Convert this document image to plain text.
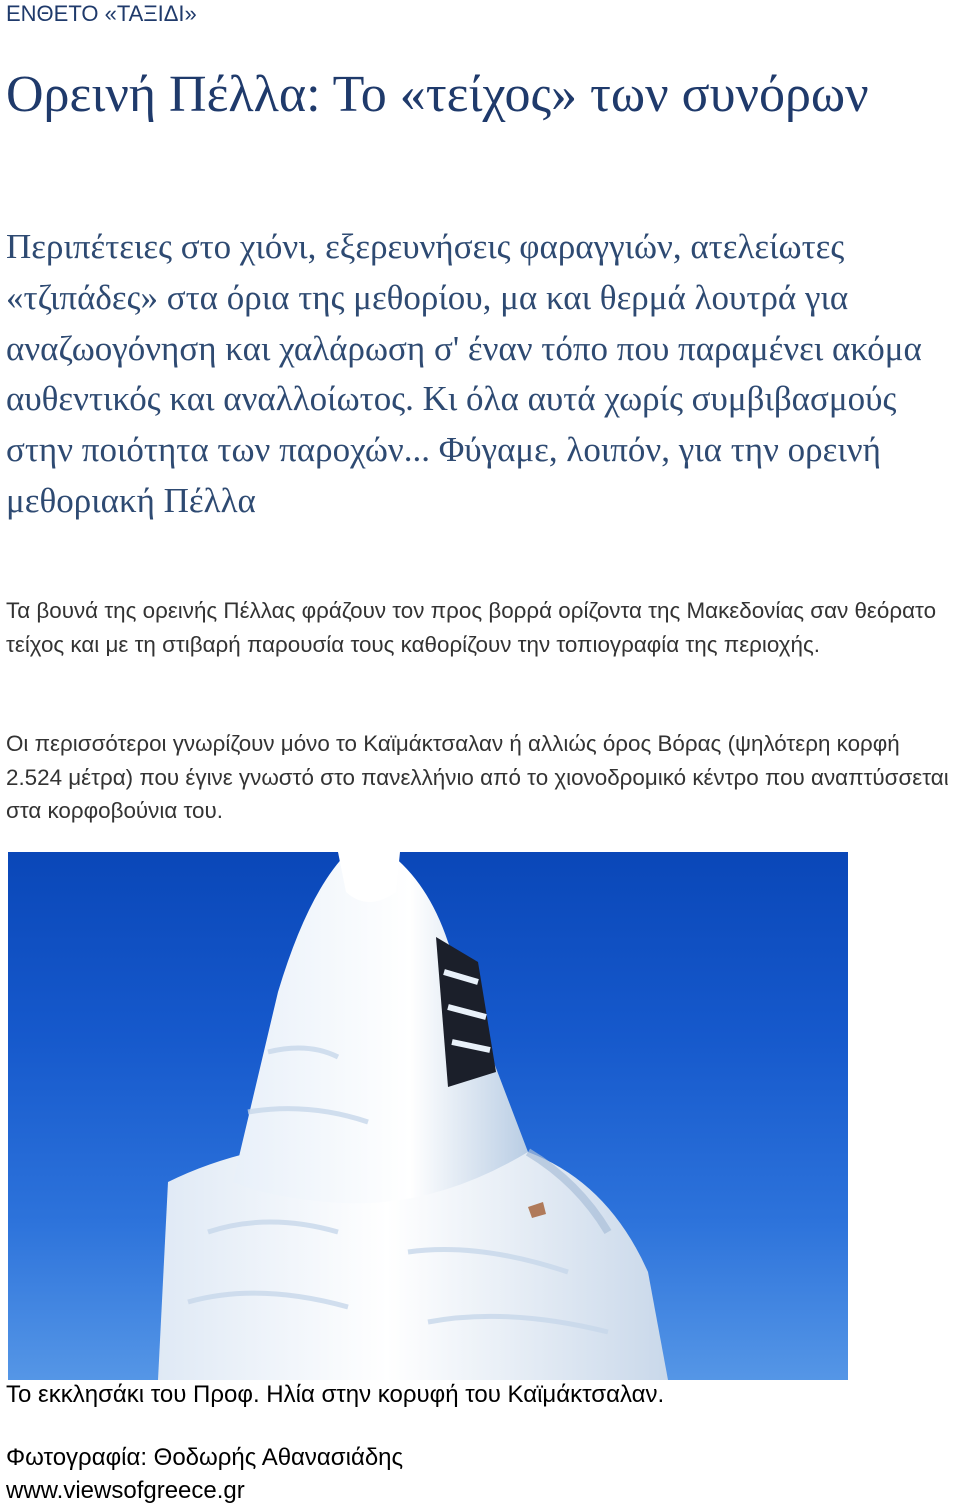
ΕΝΘΕΤΟ «ΤΑΞΙΔΙ»
Ορεινή Πέλλα: Το «τείχος» των συνόρων

Περιπέτειες στο χιόνι, εξερευνήσεις φαραγγιών, ατελείωτες «τζιπάδες» στα όρια της μεθορίου, μα και θερμά λουτρά για αναζωογόνηση και χαλάρωση σ' έναν τόπο που παραμένει ακόμα αυθεντικός και αναλλοίωτος. Κι όλα αυτά χωρίς συμβιβασμούς στην ποιότητα των παροχών... Φύγαμε, λοιπόν, για την ορεινή μεθοριακή Πέλλα

Τα βουνά της ορεινής Πέλλας φράζουν τον προς βορρά ορίζοντα της Μακεδονίας σαν θεόρατο τείχος και με τη στιβαρή παρουσία τους καθορίζουν την τοπιογραφία της περιοχής.

Οι περισσότεροι γνωρίζουν μόνο το Καϊμάκτσαλαν ή αλλιώς όρος Βόρας (ψηλότερη κορφή 2.524 μέτρα) που έγινε γνωστό στο πανελλήνιο από το χιονοδρομικό κέντρο που αναπτύσσεται στα κορφοβούνια του.

Το εκκλησάκι του Προφ. Ηλία στην κορυφή του Καϊμάκτσαλαν.
Φωτογραφία: Θοδωρής Αθανασιάδης
www.viewsofgreece.gr
